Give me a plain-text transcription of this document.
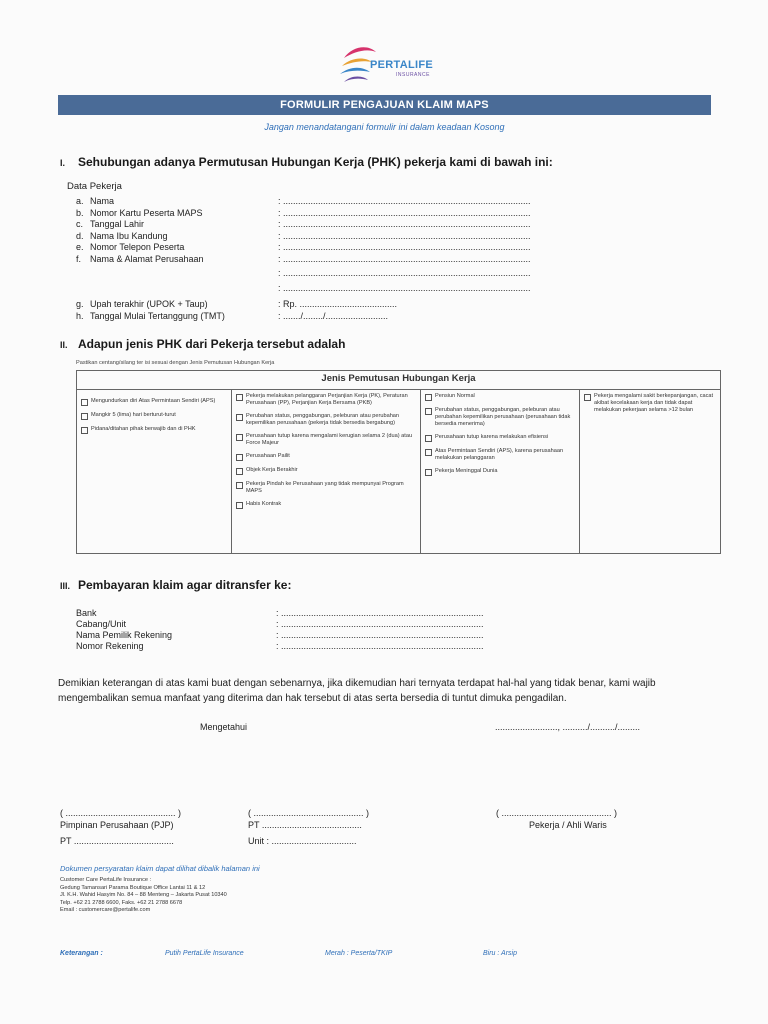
PERTALIFE
INSURANCE
FORMULIR PENGAJUAN KLAIM MAPS
Jangan menandatangani formulir ini dalam keadaan Kosong
I. Sehubungan adanya Permutusan Hubungan Kerja (PHK) pekerja kami di bawah ini:
Data Pekerja
a. Nama	: ...................................................................................................
b. Nomor Kartu Peserta MAPS	: ...................................................................................................
c. Tanggal Lahir	: ...................................................................................................
d. Nama Ibu Kandung	: ...................................................................................................
e. Nomor Telepon Peserta	: ...................................................................................................
f. Nama & Alamat Perusahaan	: ...................................................................................................
: ...................................................................................................
: ...................................................................................................
g. Upah terakhir (UPOK + Taup)	: Rp. .......................................
h. Tanggal Mulai Tertanggung (TMT)	: ......./......../.........................
II. Adapun jenis PHK dari Pekerja tersebut adalah
Pastikan centang/silang ter isi sesuai dengan Jenis Pemutusan Hubungan Kerja
Jenis Pemutusan Hubungan Kerja

Mengundurkan diri Atas Permintaan Sendiri (APS)
Mangkir 5 (lima) hari berturut-turut
Pidana/ditahan pihak berwajib dan di PHK

Pekerja melakukan pelanggaran Perjanjian Kerja (PK), Peraturan Perusahaan (PP), Perjanjian Kerja Bersama (PKB)
Perubahan status, penggabungan, peleburan atau perubahan kepemilikan perusahaan (pekerja tidak bersedia bergabung)
Perusahaan tutup karena mengalami kerugian selama 2 (dua) atau Force Majeur
Perusahaan Pailit
Objek Kerja Berakhir
Pekerja Pindah ke Perusahaan yang tidak mempunyai Program MAPS
Habis Kontrak

Pensiun Normal
Perubahan status, penggabungan, peleburan atau perubahan kepemilikan perusahaan (perusahaan tidak bersedia menerima)
Perusahaan tutup karena melakukan efisiensi
Atas Permintaan Sendiri (APS), karena perusahaan melakukan pelanggaran
Pekerja Meninggal Dunia

Pekerja mengalami sakit berkepanjangan, cacat akibat kecelakaan kerja dan tidak dapat melakukan pekerjaan selama >12 bulan
III. Pembayaran klaim agar ditransfer ke:
Bank	: .................................................................................
Cabang/Unit	: .................................................................................
Nama Pemilik Rekening	: .................................................................................
Nomor Rekening	: .................................................................................
Demikian keterangan di atas kami buat dengan sebenarnya, jika dikemudian hari ternyata terdapat hal-hal yang tidak benar, kami wajib mengembalikan semua manfaat yang diterima dan hak tersebut di atas serta bersedia di tuntut dimuka pengadilan.
Mengetahui	........................., ........../........../.........
( ............................................ )
Pimpinan Perusahaan (PJP)
PT ........................................
( ............................................ )
PT ........................................
Unit : ..................................
( ............................................ )
Pekerja / Ahli Waris
Dokumen persyaratan klaim dapat dilihat dibalik halaman ini
Customer Care PertaLife Insurance :
Gedung Tamansari Parama Boutique Office Lantai 11 & 12
Jl. K.H. Wahid Hasyim No. 84 – 88 Menteng – Jakarta Pusat 10340
Telp. +62 21 2788 6600, Faks. +62 21 2788 6678
Email : customercare@pertalife.com
Keterangan :	Putih PertaLife Insurance	Merah : Peserta/TKIP	Biru : Arsip
